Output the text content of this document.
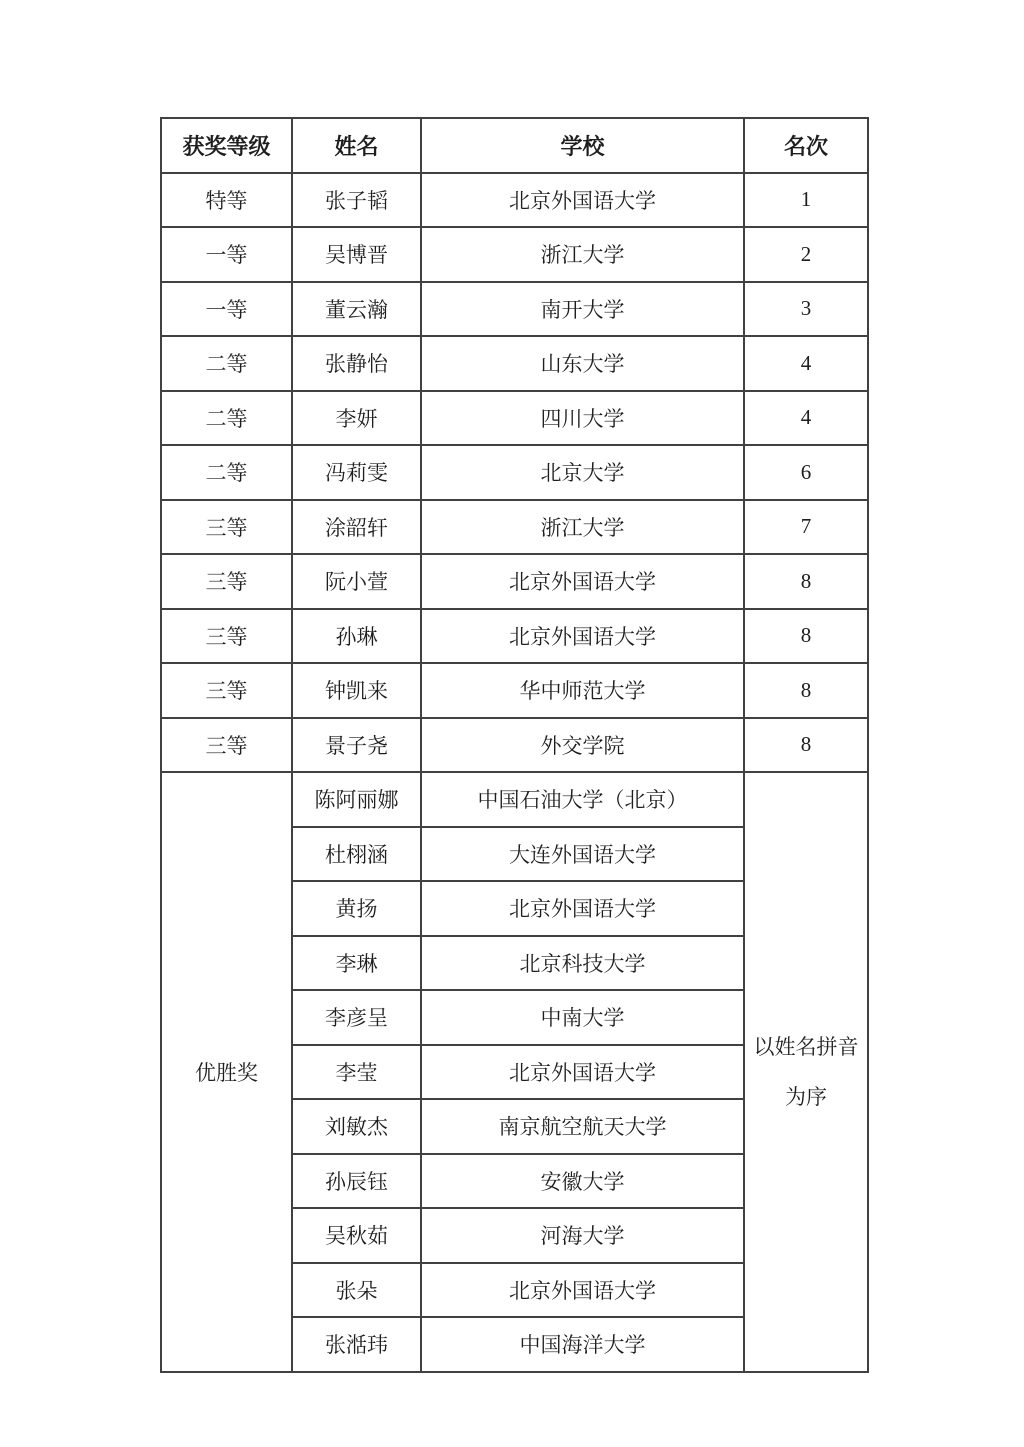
获奖等级	姓名	学校	名次
特等	张子韬	北京外国语大学	1
一等	吴博晋	浙江大学	2
一等	董云瀚	南开大学	3
二等	张静怡	山东大学	4
二等	李妍	四川大学	4
二等	冯莉雯	北京大学	6
三等	涂韶轩	浙江大学	7
三等	阮小萱	北京外国语大学	8
三等	孙琳	北京外国语大学	8
三等	钟凯来	华中师范大学	8
三等	景子尧	外交学院	8
优胜奖	陈阿丽娜	中国石油大学（北京）	以姓名拼音为序
	杜栩涵	大连外国语大学	
	黄扬	北京外国语大学	
	李琳	北京科技大学	
	李彦呈	中南大学	
	李莹	北京外国语大学	
	刘敏杰	南京航空航天大学	
	孙辰钰	安徽大学	
	吴秋茹	河海大学	
	张朵	北京外国语大学	
	张湉玮	中国海洋大学	
